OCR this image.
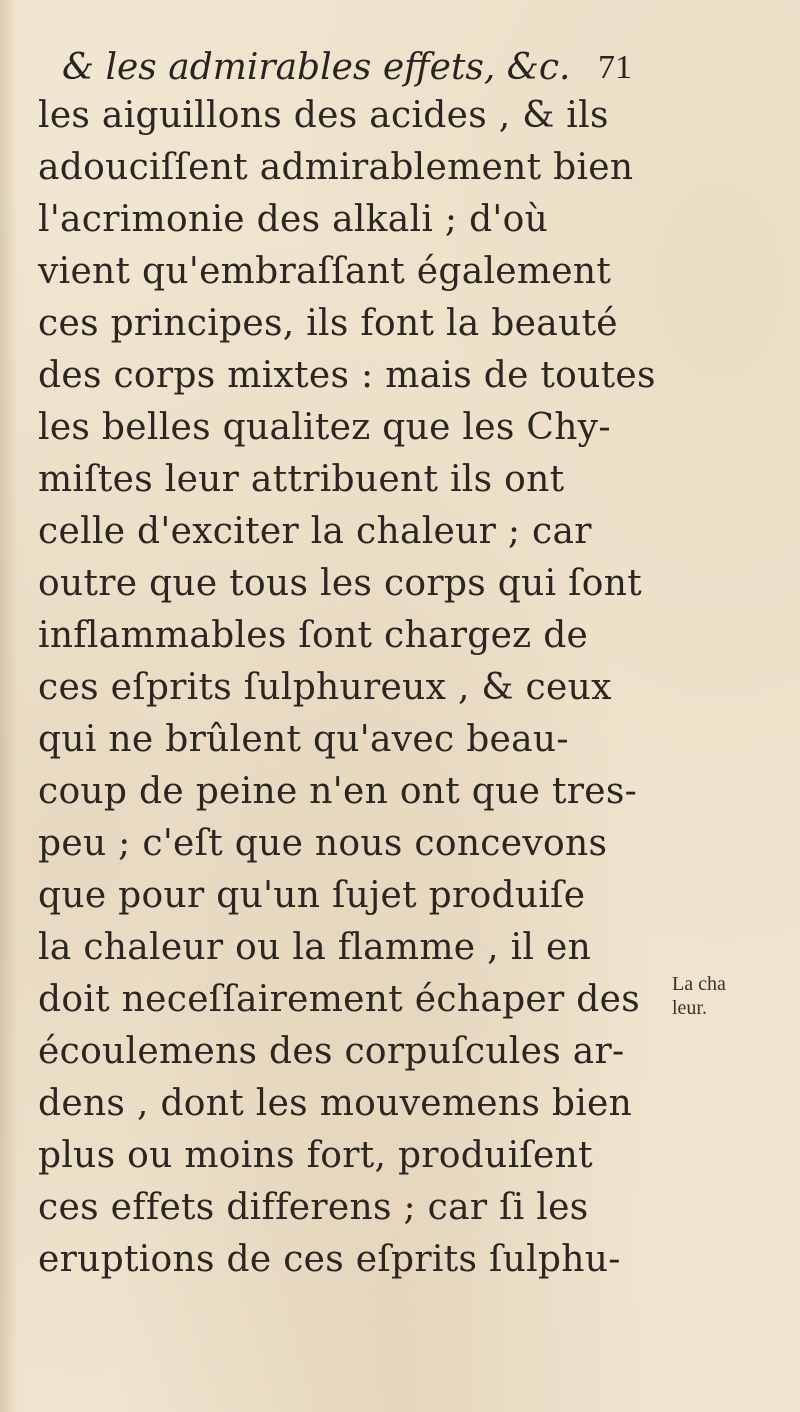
& les admirables effets, &c. 71
les aiguillons des acides , & ils
adouciſſent admirablement bien
l'acrimonie des alkali ; d'où
vient qu'embraſſant également
ces principes, ils font la beauté
des corps mixtes : mais de toutes
les belles qualitez que les Chy-
miſtes leur attribuent ils ont
celle d'exciter la chaleur ; car
outre que tous les corps qui ſont
inflammables ſont chargez de
ces eſprits ſulphureux , & ceux
qui ne brûlent qu'avec beau-
coup de peine n'en ont que tres-
peu ; c'eſt que nous concevons
que pour qu'un ſujet produiſe
la chaleur ou la flamme , il en
doit neceſſairement échaper des
écoulemens des corpuſcules ar-
dens , dont les mouvemens bien
plus ou moins fort, produiſent
ces effets differens ; car ſi les
eruptions de ces eſprits ſulphu-
La cha
leur.
